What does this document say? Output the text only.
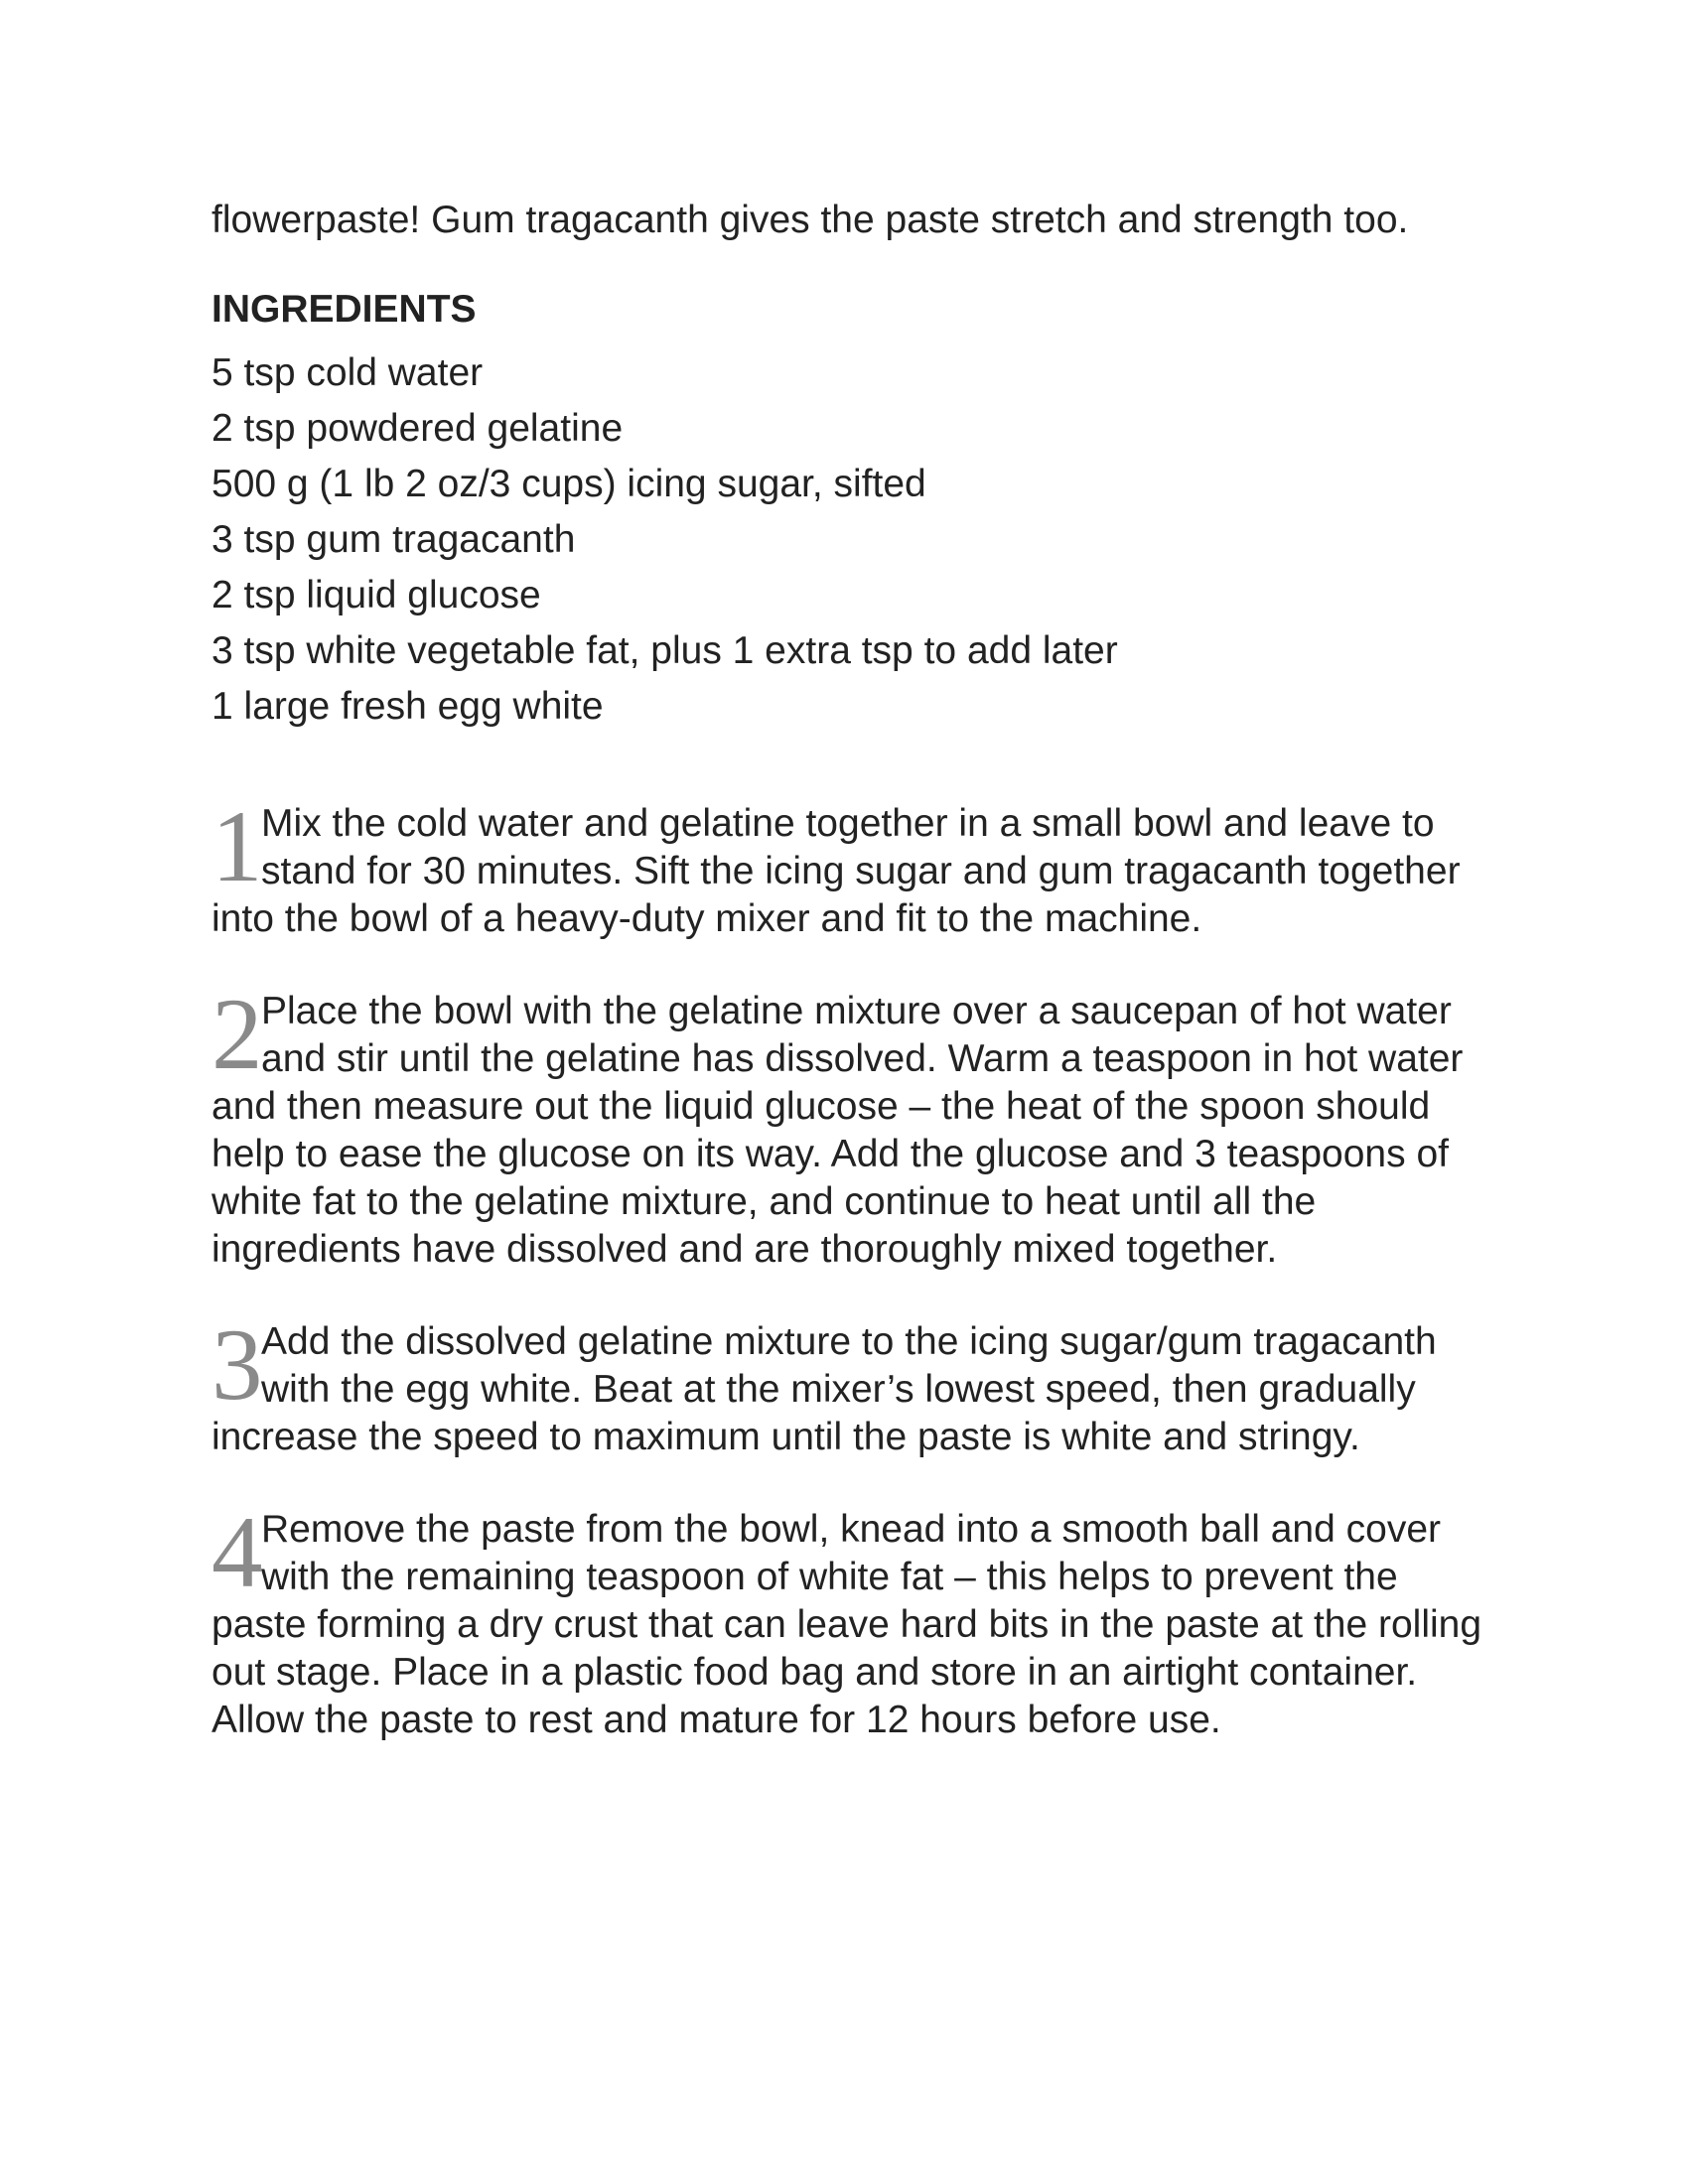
flowerpaste! Gum tragacanth gives the paste stretch and strength too.

INGREDIENTS

5 tsp cold water
2 tsp powdered gelatine
500 g (1 lb 2 oz/3 cups) icing sugar, sifted
3 tsp gum tragacanth
2 tsp liquid glucose
3 tsp white vegetable fat, plus 1 extra tsp to add later
1 large fresh egg white

1
Mix the cold water and gelatine together in a small bowl and leave to stand for 30 minutes. Sift the icing sugar and gum tragacanth together into the bowl of a heavy-duty mixer and fit to the machine.

2
Place the bowl with the gelatine mixture over a saucepan of hot water and stir until the gelatine has dissolved. Warm a teaspoon in hot water and then measure out the liquid glucose – the heat of the spoon should help to ease the glucose on its way. Add the glucose and 3 teaspoons of white fat to the gelatine mixture, and continue to heat until all the ingredients have dissolved and are thoroughly mixed together.

3
Add the dissolved gelatine mixture to the icing sugar/gum tragacanth with the egg white. Beat at the mixer’s lowest speed, then gradually increase the speed to maximum until the paste is white and stringy.

4
Remove the paste from the bowl, knead into a smooth ball and cover with the remaining teaspoon of white fat – this helps to prevent the paste forming a dry crust that can leave hard bits in the paste at the rolling out stage. Place in a plastic food bag and store in an airtight container. Allow the paste to rest and mature for 12 hours before use.
